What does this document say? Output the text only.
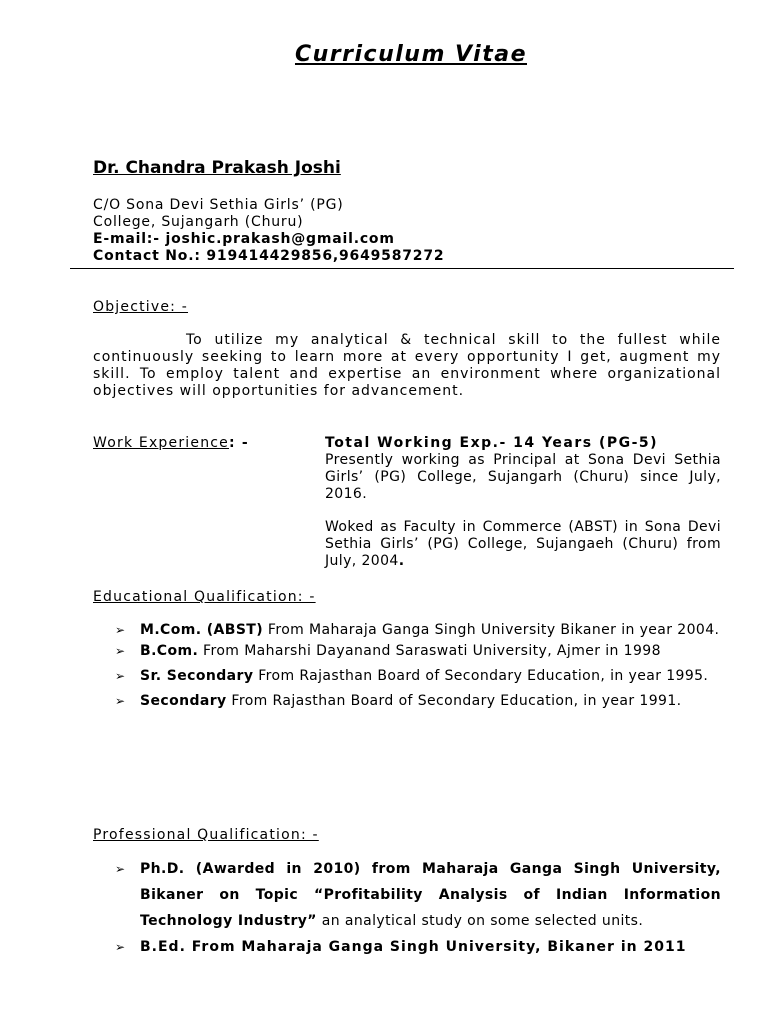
Curriculum Vitae
Dr. Chandra Prakash Joshi
C/O Sona Devi Sethia Girls’ (PG)
College, Sujangarh (Churu)
E-mail:- joshic.prakash@gmail.com
Contact No.: 919414429856,9649587272
Objective: -
To utilize my analytical & technical skill to the fullest while continuously seeking to learn more at every opportunity I get, augment my skill. To employ talent and expertise an environment where organizational objectives will opportunities for advancement.
Work Experience: -	Total Working Exp.- 14 Years (PG-5)

Presently working as Principal at Sona Devi Sethia Girls’ (PG) College, Sujangarh (Churu) since July, 2016.

Woked as Faculty in Commerce (ABST) in Sona Devi Sethia Girls’ (PG) College, Sujangaeh (Churu) from July, 2004.

Educational Qualification: -
➢ M.Com. (ABST) From Maharaja Ganga Singh University Bikaner in year 2004.
➢ B.Com. From Maharshi Dayanand Saraswati University, Ajmer in 1998
➢ Sr. Secondary From Rajasthan Board of Secondary Education, in year 1995.
➢ Secondary From Rajasthan Board of Secondary Education, in year 1991.
Professional Qualification: -
➢ Ph.D. (Awarded in 2010) from Maharaja Ganga Singh University, Bikaner on Topic “Profitability Analysis of Indian Information Technology Industry” an analytical study on some selected units.
➢ B.Ed. From Maharaja Ganga Singh University, Bikaner in 2011
